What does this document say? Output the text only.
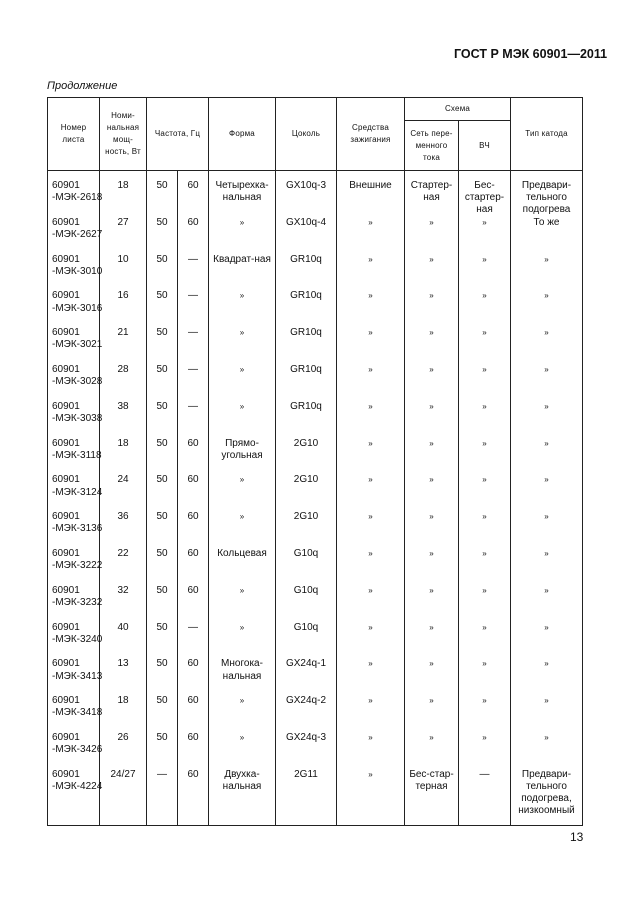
ГОСТ Р МЭК 60901—2011
Продолжение
Номер листа	Номи-нальная мощ-ность, Вт	Частота, Гц		Форма	Цоколь	Средства зажигания	Схема		Тип катода
							Сеть пере-менного тока	ВЧ	
60901 -МЭК-2618	18	50	60	Четырехка-нальная	GX10q-3	Внешние	Стартер-ная	Бес-стартер-ная	Предвари-тельного подогрева
60901 -МЭК-2627	27	50	60	»	GX10q-4	»	»	»	То же
60901 -МЭК-3010	10	50	—	Квадрат-ная	GR10q	»	»	»	»
60901 -МЭК-3016	16	50	—	»	GR10q	»	»	»	»
60901 -МЭК-3021	21	50	—	»	GR10q	»	»	»	»
60901 -МЭК-3028	28	50	—	»	GR10q	»	»	»	»
60901 -МЭК-3038	38	50	—	»	GR10q	»	»	»	»
60901 -МЭК-3118	18	50	60	Прямо-угольная	2G10	»	»	»	»
60901 -МЭК-3124	24	50	60	»	2G10	»	»	»	»
60901 -МЭК-3136	36	50	60	»	2G10	»	»	»	»
60901 -МЭК-3222	22	50	60	Кольцевая	G10q	»	»	»	»
60901 -МЭК-3232	32	50	60	»	G10q	»	»	»	»
60901 -МЭК-3240	40	50	—	»	G10q	»	»	»	»
60901 -МЭК-3413	13	50	60	Многока-нальная	GX24q-1	»	»	»	»
60901 -МЭК-3418	18	50	60	»	GX24q-2	»	»	»	»
60901 -МЭК-3426	26	50	60	»	GX24q-3	»	»	»	»
60901 -МЭК-4224	24/27	—	60	Двухка-нальная	2G11	»	Бес-стар-терная	—	Предвари-тельного подогрева, низкоомный
13
